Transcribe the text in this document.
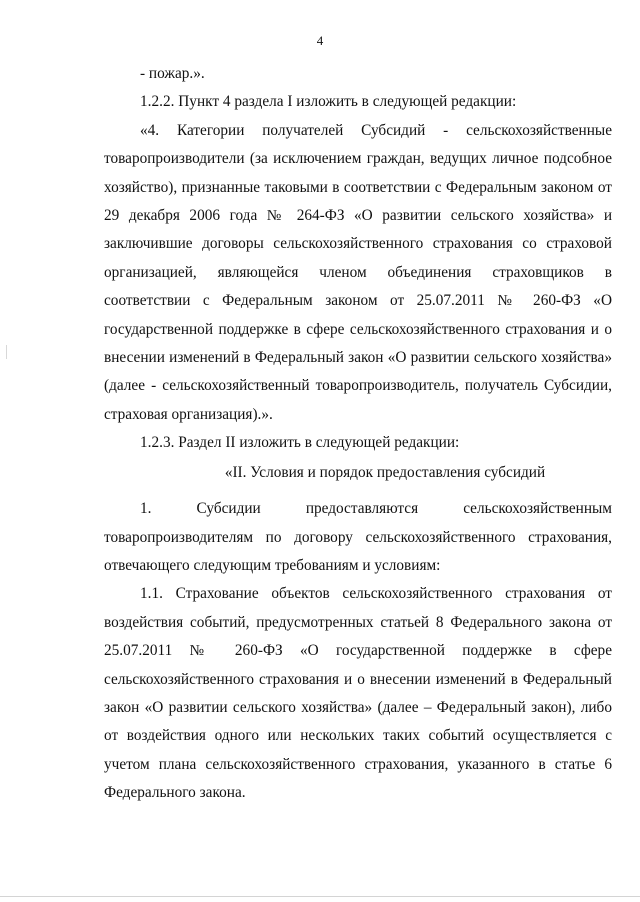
4

- пожар.».

1.2.2. Пункт 4 раздела I изложить в следующей редакции:

«4. Категории получателей Субсидий - сельскохозяйственные товаропроизводители (за исключением граждан, ведущих личное подсобное хозяйство), признанные таковыми в соответствии с Федеральным законом от 29 декабря 2006 года № 264-ФЗ «О развитии сельского хозяйства» и заключившие договоры сельскохозяйственного страхования со страховой организацией, являющейся членом объединения страховщиков в соответствии с Федеральным законом от 25.07.2011 № 260-ФЗ «О государственной поддержке в сфере сельскохозяйственного страхования и о внесении изменений в Федеральный закон «О развитии сельского хозяйства» (далее - сельскохозяйственный товаропроизводитель, получатель Субсидии, страховая организация).».

1.2.3. Раздел II изложить в следующей редакции:

«II. Условия и порядок предоставления субсидий

1. Субсидии предоставляются сельскохозяйственным товаропроизводителям по договору сельскохозяйственного страхования, отвечающего следующим требованиям и условиям:

1.1. Страхование объектов сельскохозяйственного страхования от воздействия событий, предусмотренных статьей 8 Федерального закона от 25.07.2011 № 260-ФЗ «О государственной поддержке в сфере сельскохозяйственного страхования и о внесении изменений в Федеральный закон «О развитии сельского хозяйства» (далее – Федеральный закон), либо от воздействия одного или нескольких таких событий осуществляется с учетом плана сельскохозяйственного страхования, указанного в статье 6 Федерального закона.
